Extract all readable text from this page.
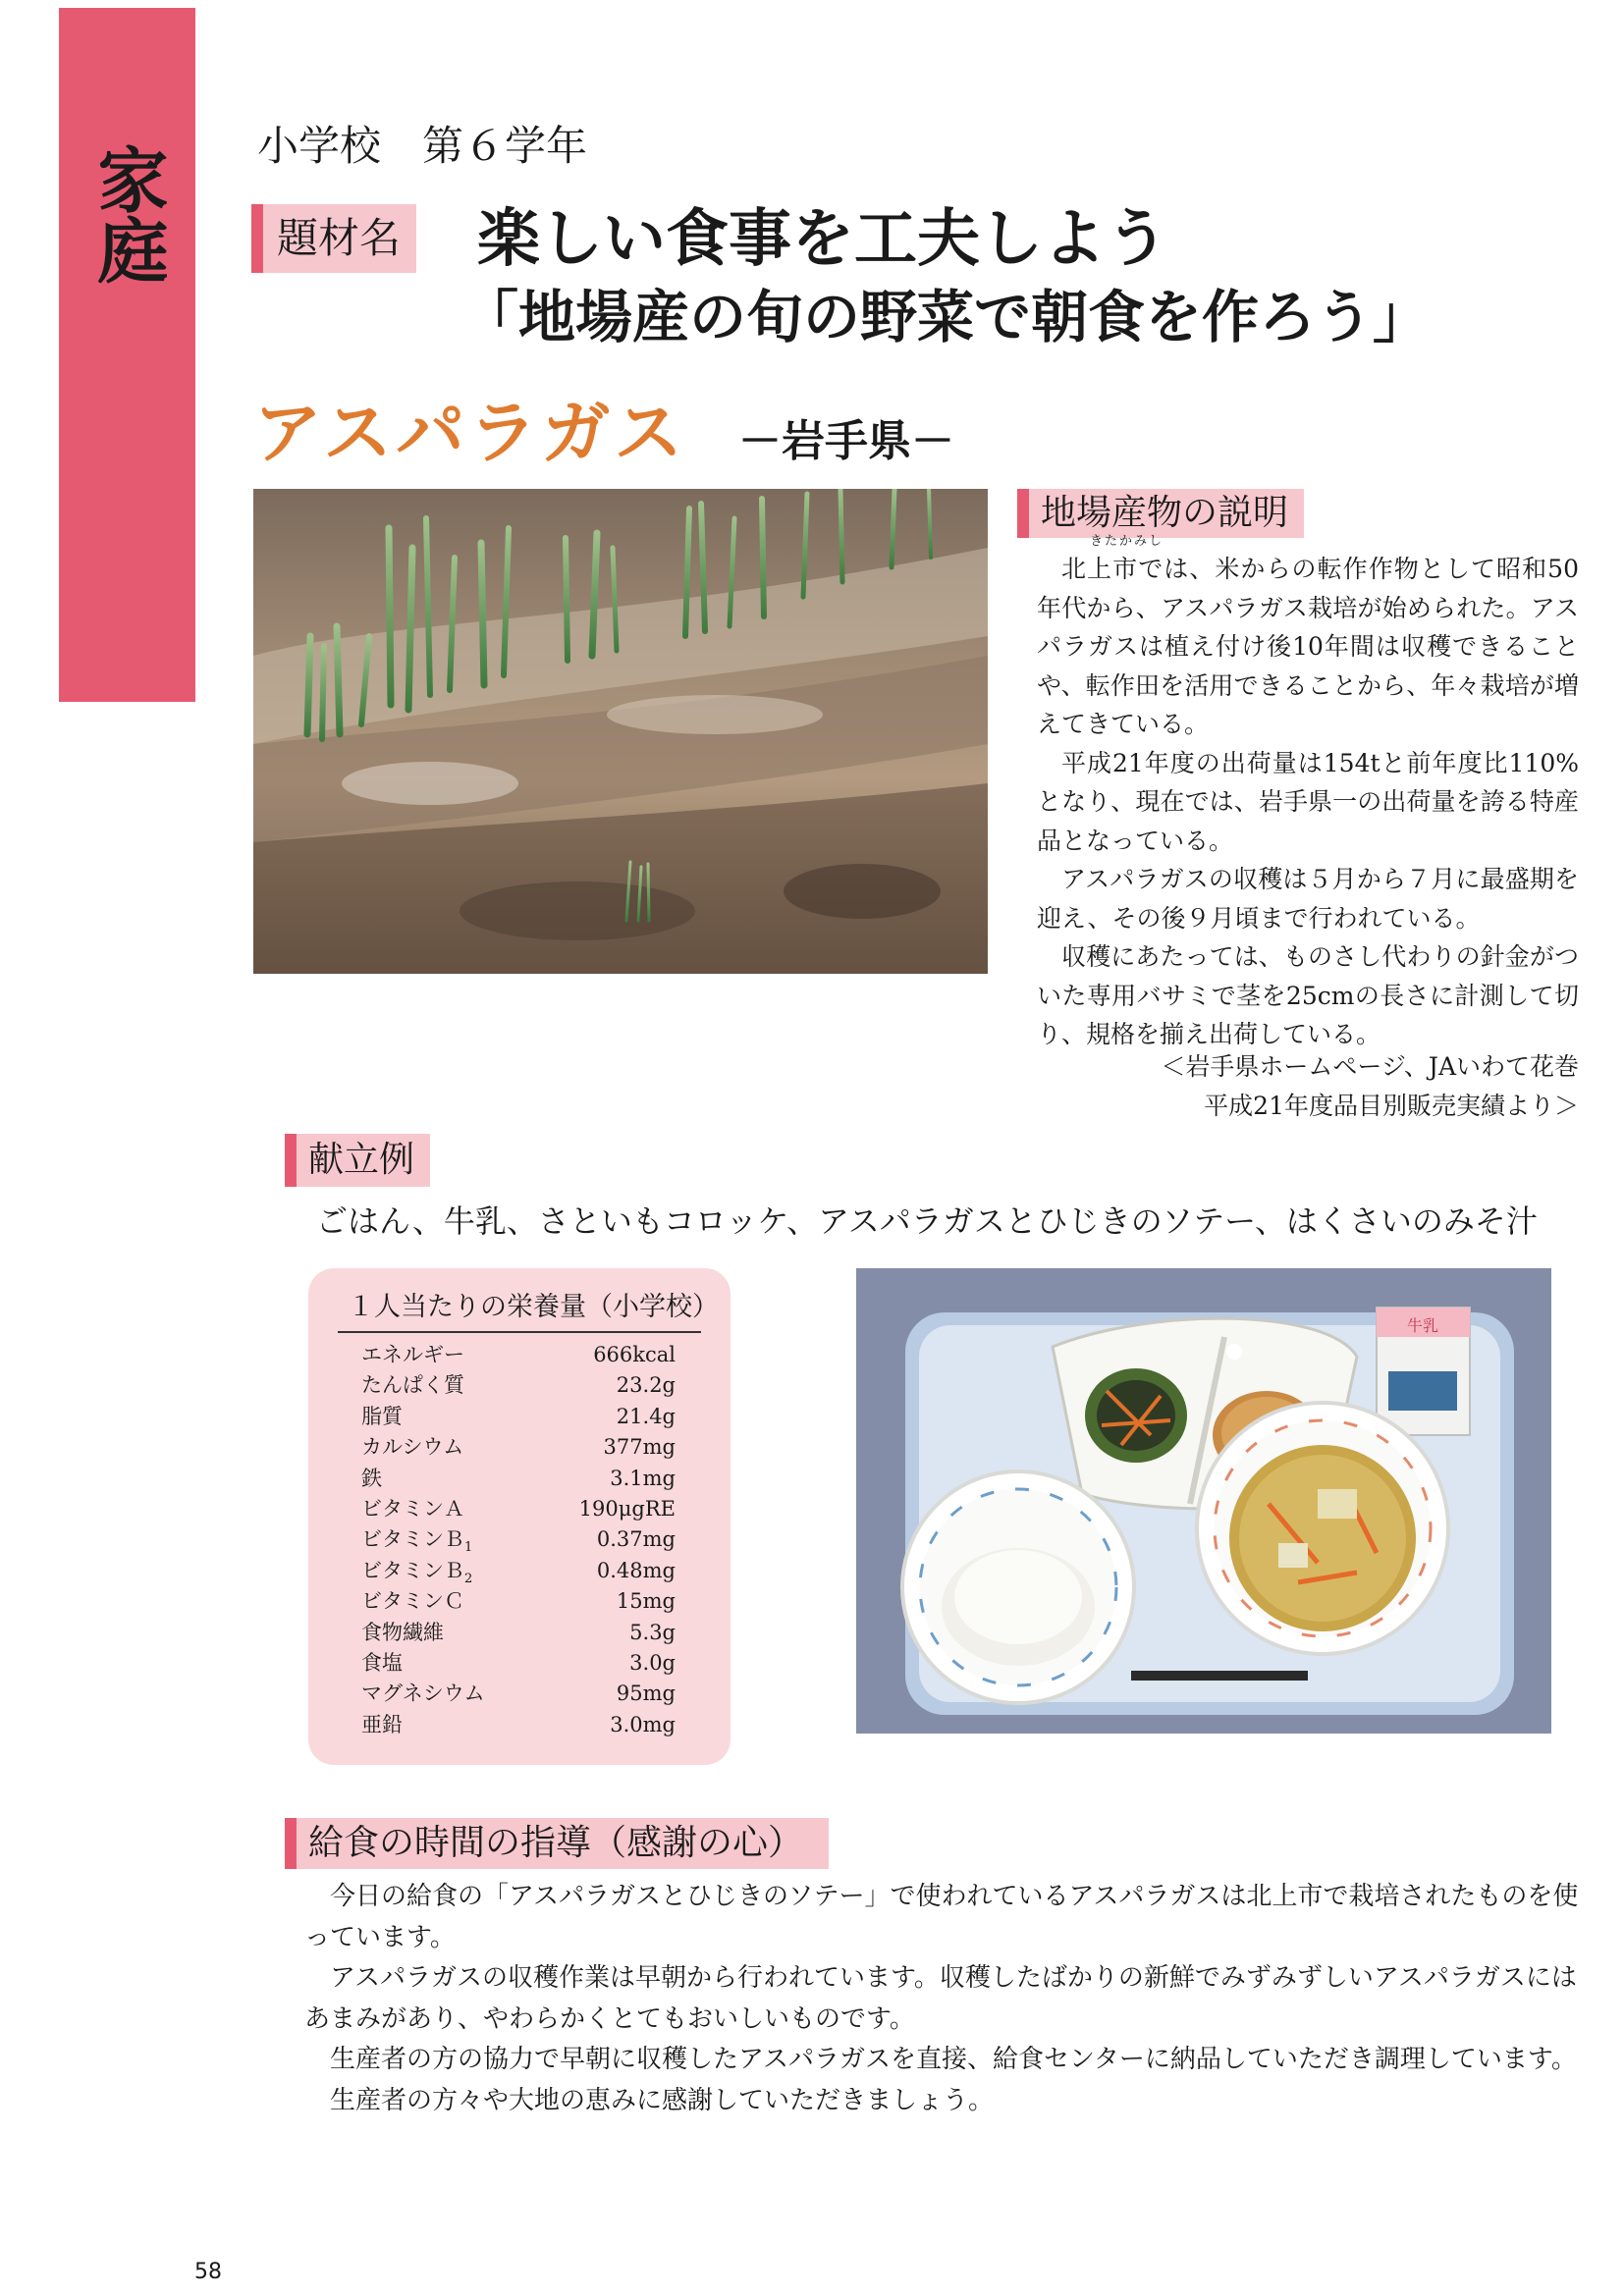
家庭	小学校　第６学年
題材名 楽しい食事を工夫しよう
「地場産の旬の野菜で朝食を作ろう」
アスパラガス －岩手県－
地場産物の説明

きたかみし
北上市では、米からの転作作物として昭和50年代から、アスパラガス栽培が始められた。アスパラガスは植え付け後10年間は収穫できることや、転作田を活用できることから、年々栽培が増えてきている。

平成21年度の出荷量は154tと前年度比110%となり、現在では、岩手県一の出荷量を誇る特産品となっている。

アスパラガスの収穫は５月から７月に最盛期を迎え、その後９月頃まで行われている。

収穫にあたっては、ものさし代わりの針金がついた専用バサミで茎を25cmの長さに計測して切り、規格を揃え出荷している。

＜岩手県ホームページ、JAいわて花巻
平成21年度品目別販売実績より＞
献立例
ごはん、牛乳、さといもコロッケ、アスパラガスとひじきのソテー、はくさいのみそ汁
１人当たりの栄養量（小学校）
エネルギー	666kcal
たんぱく質	23.2g
脂質	21.4g
カルシウム	377mg
鉄	3.1mg
ビタミンＡ	190μgRE
ビタミンＢ$_1$	0.37mg
ビタミンＢ$_2$	0.48mg
ビタミンＣ	15mg
食物繊維	5.3g
食塩	3.0g
マグネシウム	95mg
亜鉛	3.0mg
牛乳
給食の時間の指導（感謝の心）

今日の給食の「アスパラガスとひじきのソテー」で使われているアスパラガスは北上市で栽培されたものを使っています。

アスパラガスの収穫作業は早朝から行われています。収穫したばかりの新鮮でみずみずしいアスパラガスにはあまみがあり、やわらかくとてもおいしいものです。

生産者の方の協力で早朝に収穫したアスパラガスを直接、給食センターに納品していただき調理しています。

生産者の方々や大地の恵みに感謝していただきましょう。

58
